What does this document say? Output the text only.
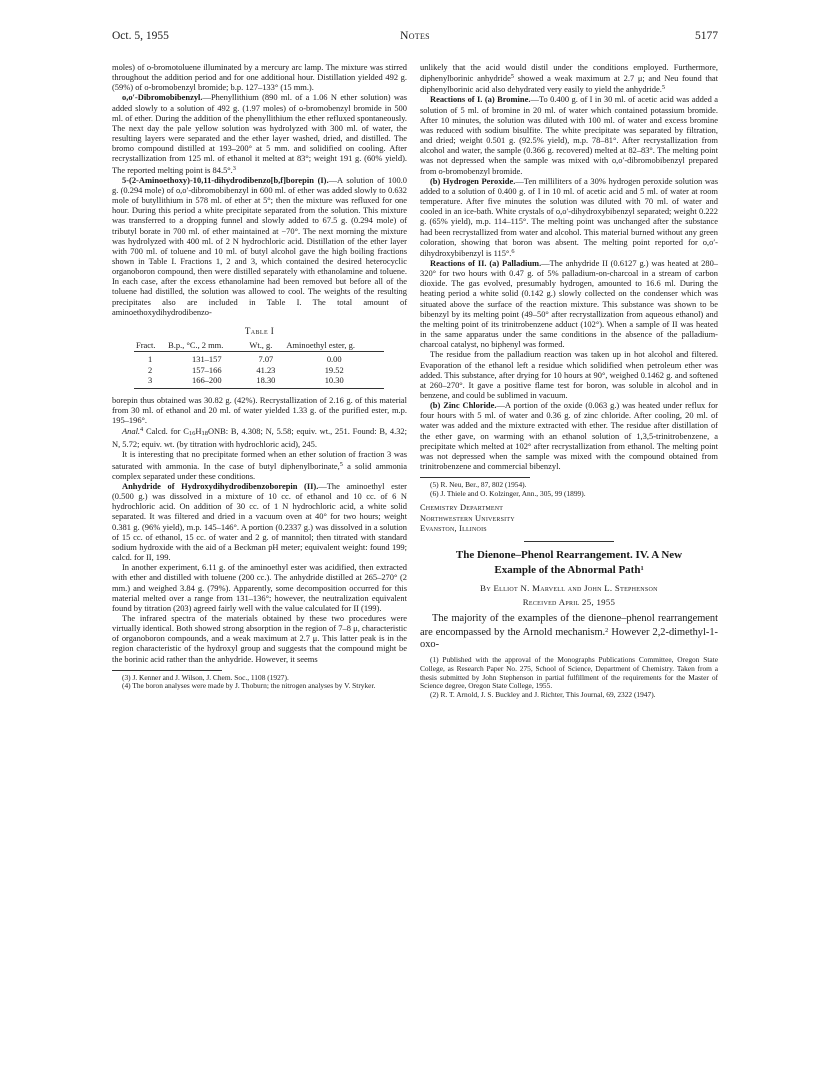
Oct. 5, 1955	Notes	5177

moles) of o-bromotoluene illuminated by a mercury arc lamp. The mixture was stirred throughout the addition period and for one additional hour. Distillation yielded 492 g. (59%) of o-bromobenzyl bromide; b.p. 127–133° (15 mm.).

o,o′-Dibromobibenzyl.—Phenyllithium (890 ml. of a 1.06 N ether solution) was added slowly to a solution of 492 g. (1.97 moles) of o-bromobenzyl bromide in 500 ml. of ether. During the addition of the phenyllithium the ether refluxed spontaneously. The next day the pale yellow solution was hydrolyzed with 300 ml. of water, the resulting layers were separated and the ether layer washed, dried, and distilled. The bromo compound distilled at 193–200° at 5 mm. and solidified on cooling. After recrystallization from 125 ml. of ethanol it melted at 83°; weight 191 g. (60% yield). The reported melting point is 84.5°.$^3$

5-(2-Aminoethoxy)-10,11-dihydrodibenzo[b,f]borepin (I).—A solution of 100.0 g. (0.294 mole) of o,o′-dibromobibenzyl in 600 ml. of ether was added slowly to 0.632 mole of butyllithium in 578 ml. of ether at 5°; then the mixture was refluxed for one hour. During this period a white precipitate separated from the solution. This mixture was transferred to a dropping funnel and slowly added to 67.5 g. (0.294 mole) of tributyl borate in 700 ml. of ether maintained at −70°. The next morning the mixture was hydrolyzed with 400 ml. of 2 N hydrochloric acid. Distillation of the ether layer with 700 ml. of toluene and 10 ml. of butyl alcohol gave the high boiling fractions shown in Table I. Fractions 1, 2 and 3, which contained the desired heterocyclic organoboron compound, then were distilled separately with ethanolamine and toluene. In each case, after the excess ethanolamine had been removed but before all of the toluene had distilled, the solution was allowed to cool. The weights of the resulting precipitates also are included in Table I. The total amount of aminoethoxydihydrodibenzo-

Table I
Fract.	B.p., °C., 2 mm.	Wt., g.	Aminoethyl ester, g.
1	131–157	7.07	0.00
2	157–166	41.23	19.52
3	166–200	18.30	10.30

borepin thus obtained was 30.82 g. (42%). Recrystallization of 2.16 g. of this material from 30 ml. of ethanol and 20 ml. of water yielded 1.33 g. of the purified ester, m.p. 195–196°.

Anal.$^4$ Calcd. for C16H18ONB: B, 4.308; N, 5.58; equiv. wt., 251. Found: B, 4.32; N, 5.72; equiv. wt. (by titration with hydrochloric acid), 245.

It is interesting that no precipitate formed when an ether solution of fraction 3 was saturated with ammonia. In the case of butyl diphenylborinate,$^5$ a solid ammonia complex separated under these conditions.

Anhydride of Hydroxydihydrodibenzoborepin (II).—The aminoethyl ester (0.500 g.) was dissolved in a mixture of 10 cc. of ethanol and 10 cc. of 6 N hydrochloric acid. On addition of 30 cc. of 1 N hydrochloric acid, a white solid separated. It was filtered and dried in a vacuum oven at 40° for two hours; weight 0.381 g. (96% yield), m.p. 145–146°. A portion (0.2337 g.) was dissolved in a solution of 15 cc. of ethanol, 15 cc. of water and 2 g. of mannitol; then titrated with standard sodium hydroxide with the aid of a Beckman pH meter; equivalent weight: found 199; calcd. for II, 199.

In another experiment, 6.11 g. of the aminoethyl ester was acidified, then extracted with ether and distilled with toluene (200 cc.). The anhydride distilled at 265–270° (2 mm.) and weighed 3.84 g. (79%). Apparently, some decomposition occurred for this material melted over a range from 131–136°; however, the neutralization equivalent found by titration (203) agreed fairly well with the value calculated for II (199).

The infrared spectra of the materials obtained by these two procedures were virtually identical. Both showed strong absorption in the region of 7–8 μ, characteristic of organoboron compounds, and a weak maximum at 2.7 μ. This latter peak is in the region characteristic of the hydroxyl group and suggests that the compound might be the borinic acid rather than the anhydride. However, it seems

(3) J. Kenner and J. Wilson, J. Chem. Soc., 1108 (1927).

(4) The boron analyses were made by J. Thoburn; the nitrogen analyses by V. Stryker.

unlikely that the acid would distil under the conditions employed. Furthermore, diphenylborinic anhydride$^5$ showed a weak maximum at 2.7 μ; and Neu found that diphenylborinic acid also dehydrated very easily to yield the anhydride.$^5$

Reactions of I. (a) Bromine.—To 0.400 g. of I in 30 ml. of acetic acid was added a solution of 5 ml. of bromine in 20 ml. of water which contained potassium bromide. After 10 minutes, the solution was diluted with 100 ml. of water and excess bromine was reduced with sodium bisulfite. The white precipitate was separated by filtration, and dried; weight 0.501 g. (92.5% yield), m.p. 78–81°. After recrystallization from alcohol and water, the sample (0.366 g. recovered) melted at 82–83°. The melting point was not depressed when the sample was mixed with o,o′-dibromobibenzyl prepared from o-bromobenzyl bromide.

(b) Hydrogen Peroxide.—Ten milliliters of a 30% hydrogen peroxide solution was added to a solution of 0.400 g. of I in 10 ml. of acetic acid and 5 ml. of water at room temperature. After five minutes the solution was diluted with 70 ml. of water and cooled in an ice-bath. White crystals of o,o′-dihydroxybibenzyl separated; weight 0.222 g. (65% yield), m.p. 114–115°. The melting point was unchanged after the substance had been recrystallized from water and alcohol. This material burned without any green coloration, showing that boron was absent. The melting point reported for o,o′-dihydroxybibenzyl is 115°.$^6$

Reactions of II. (a) Palladium.—The anhydride II (0.6127 g.) was heated at 280–320° for two hours with 0.47 g. of 5% palladium-on-charcoal in a stream of carbon dioxide. The gas evolved, presumably hydrogen, amounted to 16.6 ml. During the heating period a white solid (0.142 g.) slowly collected on the condenser which was situated above the surface of the reaction mixture. This substance was shown to be bibenzyl by its melting point (49–50° after recrystallization from aqueous ethanol) and the melting point of its trinitrobenzene adduct (102°). When a sample of II was heated in the same apparatus under the same conditions in the absence of the palladium-charcoal catalyst, no biphenyl was formed.

The residue from the palladium reaction was taken up in hot alcohol and filtered. Evaporation of the ethanol left a residue which solidified when petroleum ether was added. This substance, after drying for 10 hours at 90°, weighed 0.1462 g. and softened at 260–270°. It gave a positive flame test for boron, was soluble in alcohol and in benzene, and could be sublimed in vacuum.

(b) Zinc Chloride.—A portion of the oxide (0.063 g.) was heated under reflux for four hours with 5 ml. of water and 0.36 g. of zinc chloride. After cooling, 20 ml. of water was added and the mixture extracted with ether. The residue after distillation of the ether gave, on warming with an ethanol solution of 1,3,5-trinitrobenzene, a precipitate which melted at 102° after recrystallization from ethanol. The melting point was not depressed when the sample was mixed with the compound obtained from trinitrobenzene and commercial bibenzyl.

(5) R. Neu, Ber., 87, 802 (1954).

(6) J. Thiele and O. Kolzinger, Ann., 305, 99 (1899).

Chemistry Department

Northwestern University

Evanston, Illinois

The Dienone–Phenol Rearrangement. IV. A New
Example of the Abnormal Path$^1$
By Elliot N. Marvell and John L. Stephenson
Received April 25, 1955

The majority of the examples of the dienone–phenol rearrangement are encompassed by the Arnold mechanism.$^2$ However 2,2-dimethyl-1-oxo-

(1) Published with the approval of the Monographs Publications Committee, Oregon State College, as Research Paper No. 275, School of Science, Department of Chemistry. Taken from a thesis submitted by John Stephenson in partial fulfillment of the requirements for the Master of Science degree, Oregon State College, 1955.

(2) R. T. Arnold, J. S. Buckley and J. Richter, This Journal, 69, 2322 (1947).
